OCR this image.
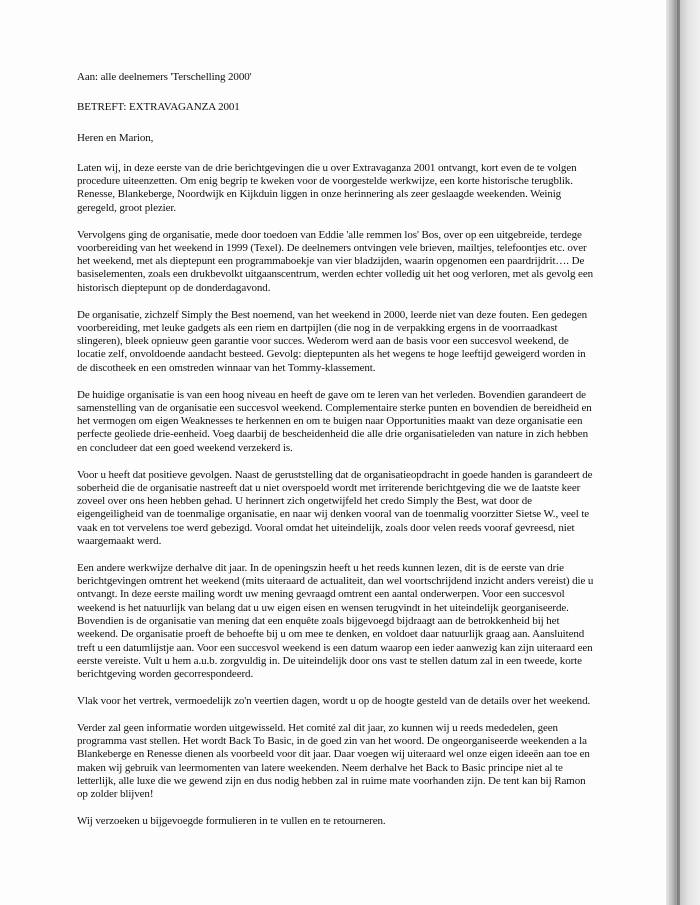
Aan: alle deelnemers 'Terschelling 2000'

BETREFT: EXTRAVAGANZA 2001

Heren en Marion,

Laten wij, in deze eerste van de drie berichtgevingen die u over Extravaganza 2001 ontvangt, kort even de te volgen procedure uiteenzetten. Om enig begrip te kweken voor de voorgestelde werkwijze, een korte historische terugblik. Renesse, Blankeberge, Noordwijk en Kijkduin liggen in onze herinnering als zeer geslaagde weekenden. Weinig geregeld, groot plezier.

Vervolgens ging de organisatie, mede door toedoen van Eddie 'alle remmen los' Bos, over op een uitgebreide, terdege voorbereiding van het weekend in 1999 (Texel). De deelnemers ontvingen vele brieven, mailtjes, telefoontjes etc. over het weekend, met als dieptepunt een programmaboekje van vier bladzijden, waarin opgenomen een paardrijdrit…. De basiselementen, zoals een drukbevolkt uitgaanscentrum, werden echter volledig uit het oog verloren, met als gevolg een historisch dieptepunt op de donderdagavond.

De organisatie, zichzelf Simply the Best noemend, van het weekend in 2000, leerde niet van deze fouten. Een gedegen voorbereiding, met leuke gadgets als een riem en dartpijlen (die nog in de verpakking ergens in de voorraadkast slingeren), bleek opnieuw geen garantie voor succes. Wederom werd aan de basis voor een succesvol weekend, de locatie zelf, onvoldoende aandacht besteed. Gevolg: dieptepunten als het wegens te hoge leeftijd geweigerd worden in de discotheek en een omstreden winnaar van het Tommy-klassement.

De huidige organisatie is van een hoog niveau en heeft de gave om te leren van het verleden. Bovendien garandeert de samenstelling van de organisatie een succesvol weekend. Complementaire sterke punten en bovendien de bereidheid en het vermogen om eigen Weaknesses te herkennen en om te buigen naar Opportunities maakt van deze organisatie een perfecte geoliede drie-eenheid. Voeg daarbij de bescheidenheid die alle drie organisatieleden van nature in zich hebben en concludeer dat een goed weekend verzekerd is.

Voor u heeft dat positieve gevolgen. Naast de geruststelling dat de organisatieopdracht in goede handen is garandeert de soberheid die de organisatie nastreeft dat u niet overspoeld wordt met irriterende berichtgeving die we de laatste keer zoveel over ons heen hebben gehad. U herinnert zich ongetwijfeld het credo Simply the Best, wat door de eigengeiligheid van de toenmalige organisatie, en naar wij denken vooral van de toenmalig voorzitter Sietse W., veel te vaak en tot vervelens toe werd gebezigd. Vooral omdat het uiteindelijk, zoals door velen reeds vooraf gevreesd, niet waargemaakt werd.

Een andere werkwijze derhalve dit jaar. In de openingszin heeft u het reeds kunnen lezen, dit is de eerste van drie berichtgevingen omtrent het weekend (mits uiteraard de actualiteit, dan wel voortschrijdend inzicht anders vereist) die u ontvangt. In deze eerste mailing wordt uw mening gevraagd omtrent een aantal onderwerpen. Voor een succesvol weekend is het natuurlijk van belang dat u uw eigen eisen en wensen terugvindt in het uiteindelijk georganiseerde. Bovendien is de organisatie van mening dat een enquête zoals bijgevoegd bijdraagt aan de betrokkenheid bij het weekend. De organisatie proeft de behoefte bij u om mee te denken, en voldoet daar natuurlijk graag aan. Aansluitend treft u een datumlijstje aan. Voor een succesvol weekend is een datum waarop een ieder aanwezig kan zijn uiteraard een eerste vereiste. Vult u hem a.u.b. zorgvuldig in. De uiteindelijk door ons vast te stellen datum zal in een tweede, korte berichtgeving worden gecorrespondeerd.

Vlak voor het vertrek, vermoedelijk zo'n veertien dagen, wordt u op de hoogte gesteld van de details over het weekend.

Verder zal geen informatie worden uitgewisseld. Het comité zal dit jaar, zo kunnen wij u reeds mededelen, geen programma vast stellen. Het wordt Back To Basic, in de goed zin van het woord. De ongeorganiseerde weekenden a la Blankeberge en Renesse dienen als voorbeeld voor dit jaar. Daar voegen wij uiteraard wel onze eigen ideeën aan toe en maken wij gebruik van leermomenten van latere weekenden. Neem derhalve het Back to Basic principe niet al te letterlijk, alle luxe die we gewend zijn en dus nodig hebben zal in ruime mate voorhanden zijn. De tent kan bij Ramon op zolder blijven!

Wij verzoeken u bijgevoegde formulieren in te vullen en te retourneren.
